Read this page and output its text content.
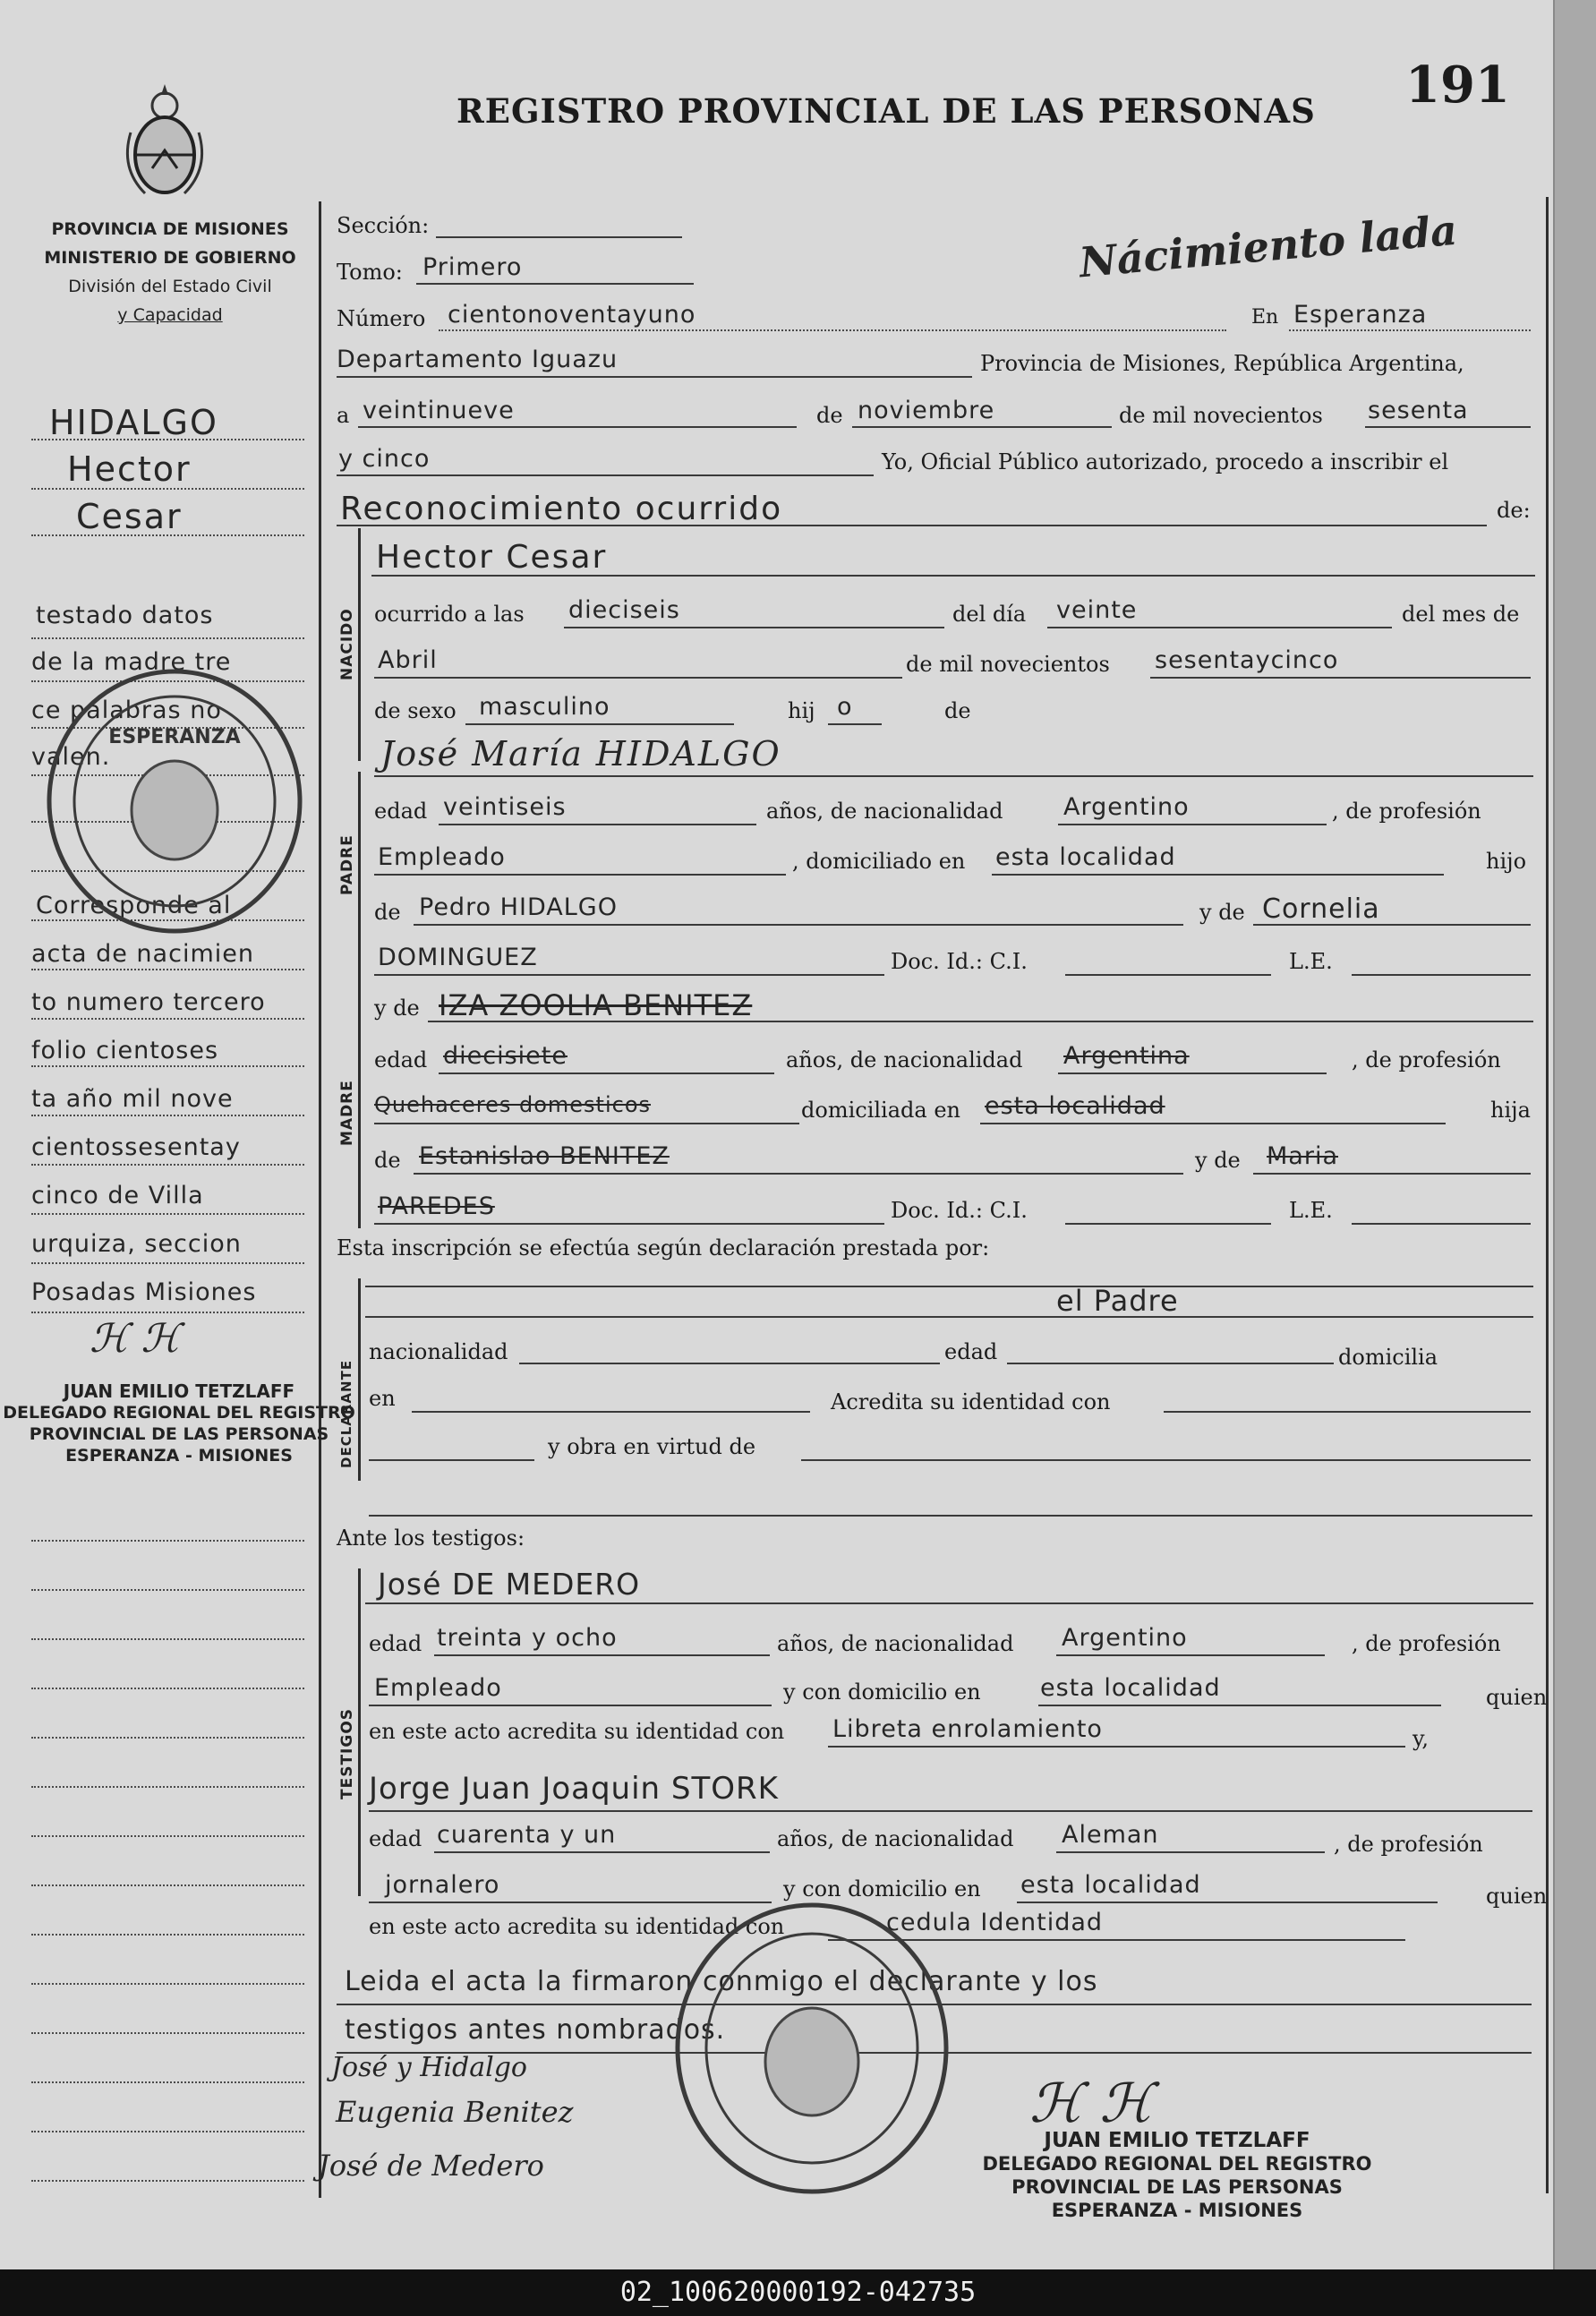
REGISTRO PROVINCIAL DE LAS PERSONAS 191
PROVINCIA DE MISIONES
MINISTERIO DE GOBIERNO
División del Estado Civil
y Capacidad
NACIDO
PADRE
MADRE
DECLARANTE
TESTIGOS
HIDALGO
Hector
Cesar
testado datos
de la madre tre
ce palabras no
valen.
Corresponde al
acta de nacimien
to numero tercero
folio cientoses
ta año mil nove
cientossesentay
cinco de Villa
urquiza, seccion
Posadas Misiones
ESPERANZA
ℋ ℋ
JUAN EMILIO TETZLAFF
DELEGADO REGIONAL DEL REGISTRO
PROVINCIAL DE LAS PERSONAS
ESPERANZA - MISIONES
Sección:
Tomo: Primero	Nácimiento lada
Número cientonoventayuno	En Esperanza
Departamento Iguazu	Provincia de Misiones, República Argentina,
a veintinueve	de noviembre	de mil novecientos sesenta
y cinco	Yo, Oficial Público autorizado, procedo a inscribir el
Reconocimiento ocurrido	de:
Hector Cesar
ocurrido a las dieciseis	del día veinte	del mes de
Abril	de mil novecientos sesentaycinco
de sexo masculino	hij o	de
José María HIDALGO
edad veintiseis	años, de nacionalidad	Argentino	, de profesión
Empleado	, domiciliado en esta localidad	hijo
de Pedro HIDALGO	y de Cornelia
DOMINGUEZ	Doc. Id.: C.I.	L.E.
y de IZA ZOOLIA BENITEZ
edad diecisiete	años, de nacionalidad Argentina	, de profesión
Quehaceres domesticos	domiciliada en esta localidad	hija
de Estanislao BENITEZ	y de Maria
PAREDES	Doc. Id.: C.I.	L.E.
Esta inscripción se efectúa según declaración prestada por:
el Padre
nacionalidad	edad	domicilia
en	Acredita su identidad con
y obra en virtud de
Ante los testigos:
José DE MEDERO
edad treinta y ocho	años, de nacionalidad Argentino	, de profesión
Empleado	y con domicilio en esta localidad	quien
en este acto acredita su identidad con Libreta enrolamiento	y,
Jorge Juan Joaquin STORK
edad cuarenta y un	años, de nacionalidad Aleman	, de profesión
jornalero	y con domicilio en esta localidad	quien
en este acto acredita su identidad con	cedula Identidad
Leida el acta la firmaron conmigo el declarante y los
testigos antes nombrados.
José y Hidalgo
Eugenia Benitez
José de Medero
ℋ ℋ
JUAN EMILIO TETZLAFF
DELEGADO REGIONAL DEL REGISTRO
PROVINCIAL DE LAS PERSONAS
ESPERANZA - MISIONES
02_100620000192-042735
